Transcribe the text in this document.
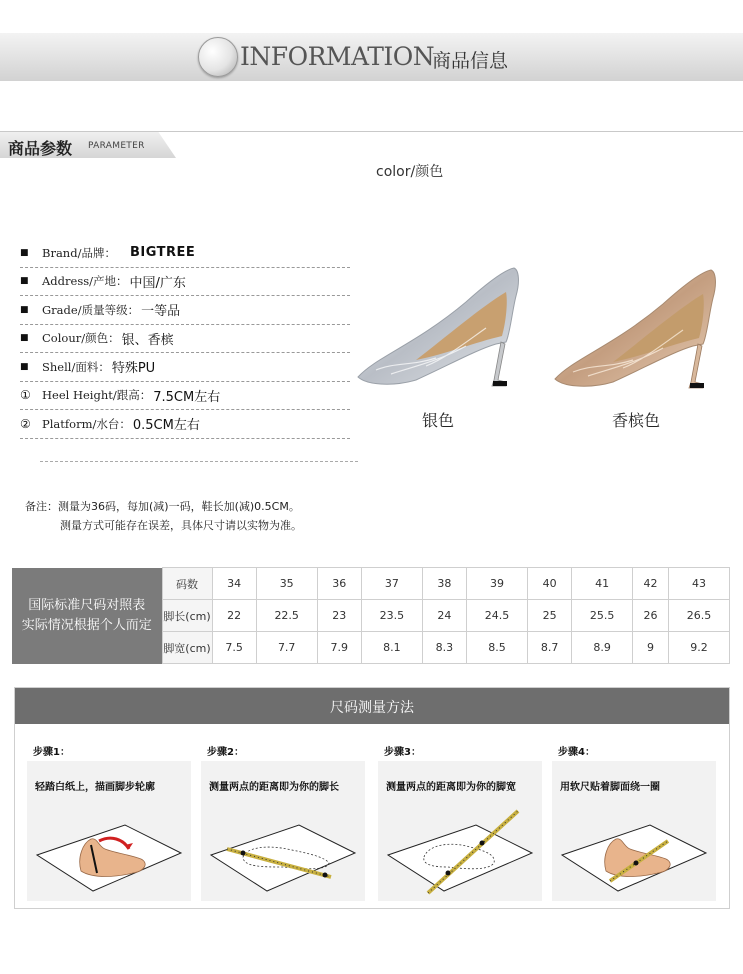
INFORMATION
商品信息
商品参数 PARAMETER
color/颜色
■	Brand/品牌： BIGTREE
■	Address/产地： 中国/广东
■	Grade/质量等级： 一等品
■	Colour/颜色： 银、香槟
■	Shell/面料： 特殊PU
① Heel Height/跟高： 7.5CM左右
② Platform/水台： 0.5CM左右	银色	香槟色
备注：测量为36码，每加(减)一码，鞋长加(减)0.5CM。
测量方式可能存在误差，具体尺寸请以实物为准。
国际标准尺码对照表
实际情况根据个人而定	码数	34	35	36	37	38	39	40	41	42	43
	脚长(cm)	22	22.5	23	23.5	24	24.5	25	25.5	26	26.5
	脚宽(cm)	7.5	7.7	7.9	8.1	8.3	8.5	8.7	8.9	9	9.2
尺码测量方法
步骤1：
轻踏白纸上，描画脚步轮廓
步骤2：
测量两点的距离即为你的脚长
步骤3：
测量两点的距离即为你的脚宽
步骤4：
用软尺贴着脚面绕一圈
